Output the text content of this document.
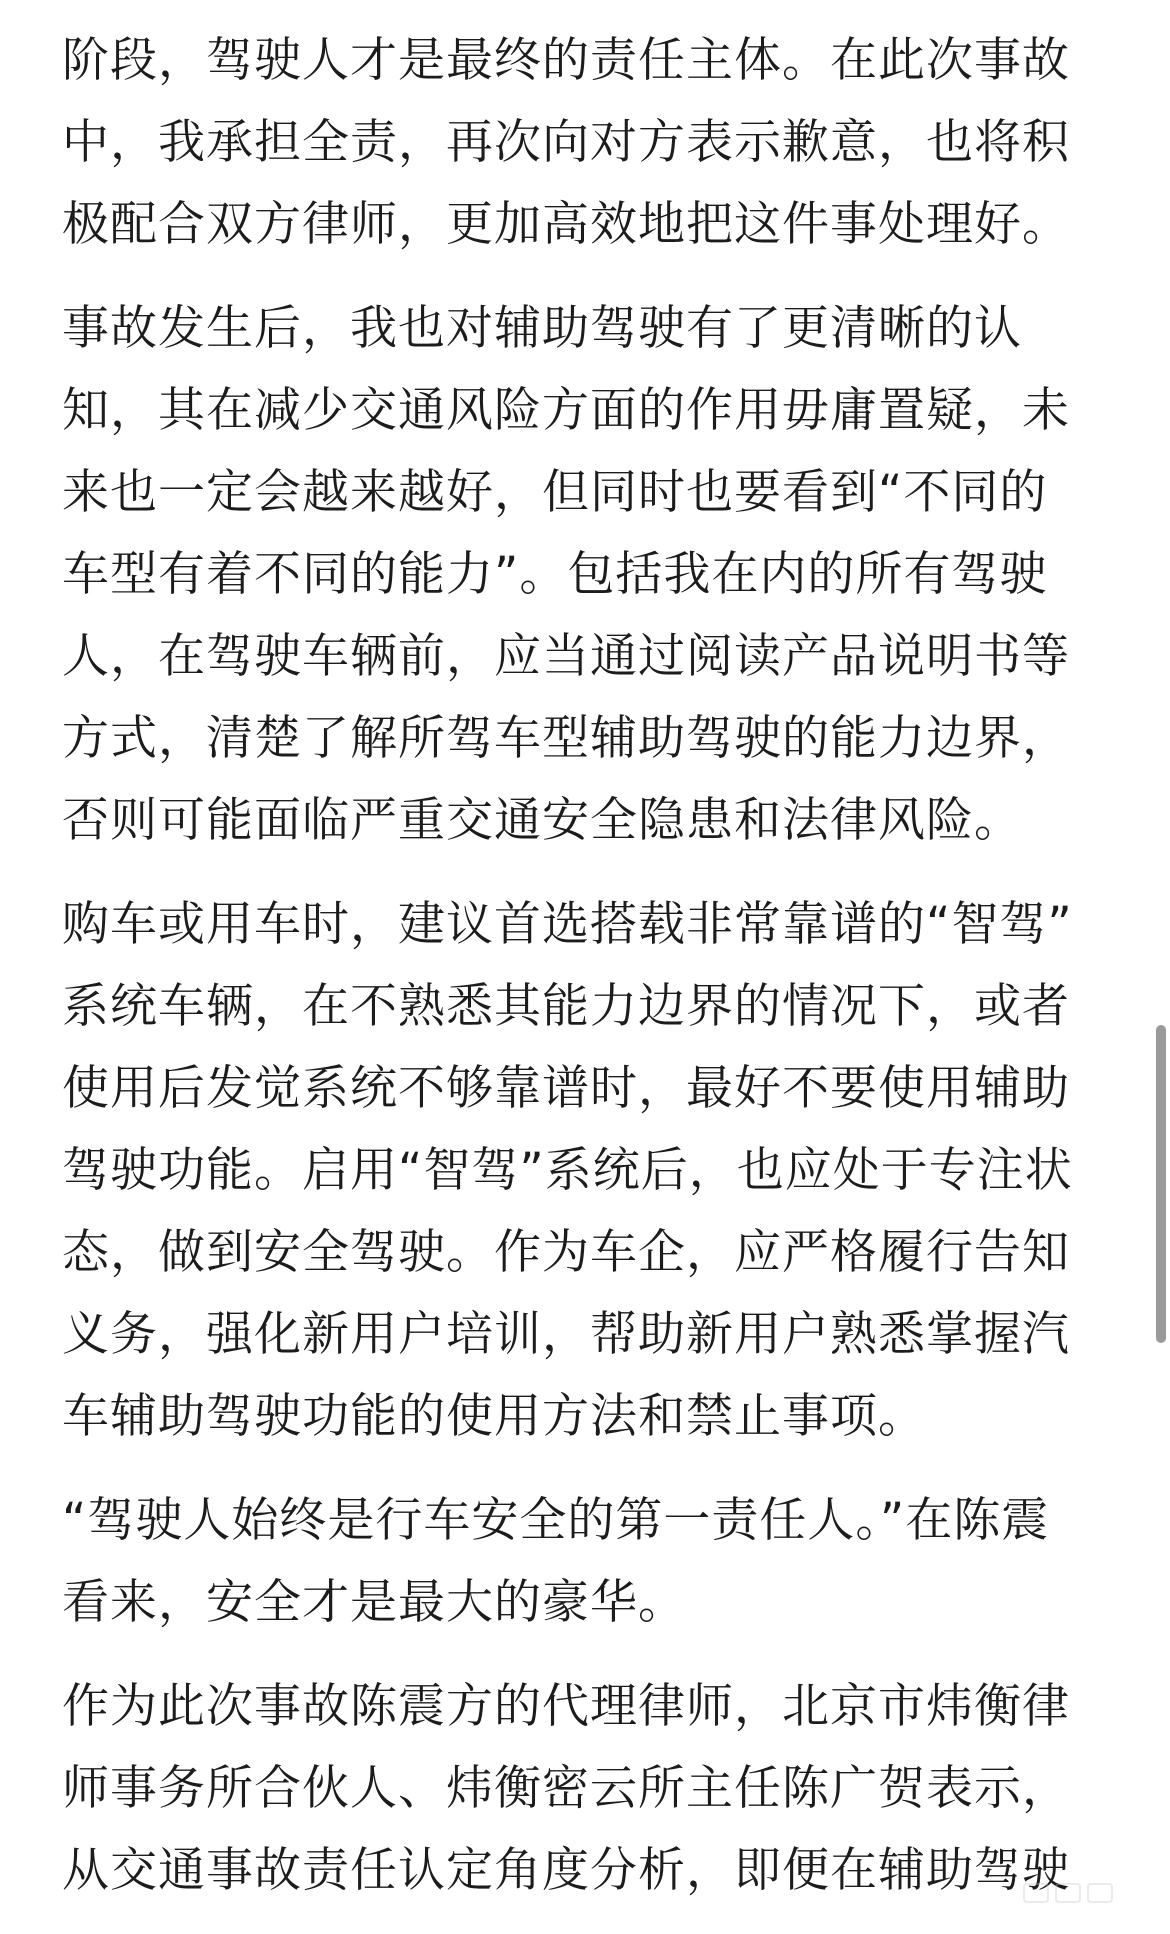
阶段，驾驶人才是最终的责任主体。在此次事故
中，我承担全责，再次向对方表示歉意，也将积
极配合双方律师，更加高效地把这件事处理好。
事故发生后，我也对辅助驾驶有了更清晰的认
知，其在减少交通风险方面的作用毋庸置疑，未
来也一定会越来越好，但同时也要看到“不同的
车型有着不同的能力”。包括我在内的所有驾驶
人，在驾驶车辆前，应当通过阅读产品说明书等
方式，清楚了解所驾车型辅助驾驶的能力边界，
否则可能面临严重交通安全隐患和法律风险。
购车或用车时，建议首选搭载非常靠谱的“智驾”
系统车辆，在不熟悉其能力边界的情况下，或者
使用后发觉系统不够靠谱时，最好不要使用辅助
驾驶功能。启用“智驾”系统后，也应处于专注状
态，做到安全驾驶。作为车企，应严格履行告知
义务，强化新用户培训，帮助新用户熟悉掌握汽
车辅助驾驶功能的使用方法和禁止事项。
“驾驶人始终是行车安全的第一责任人。”在陈震
看来，安全才是最大的豪华。
作为此次事故陈震方的代理律师，北京市炜衡律
师事务所合伙人、炜衡密云所主任陈广贺表示，
从交通事故责任认定角度分析，即便在辅助驾驶
